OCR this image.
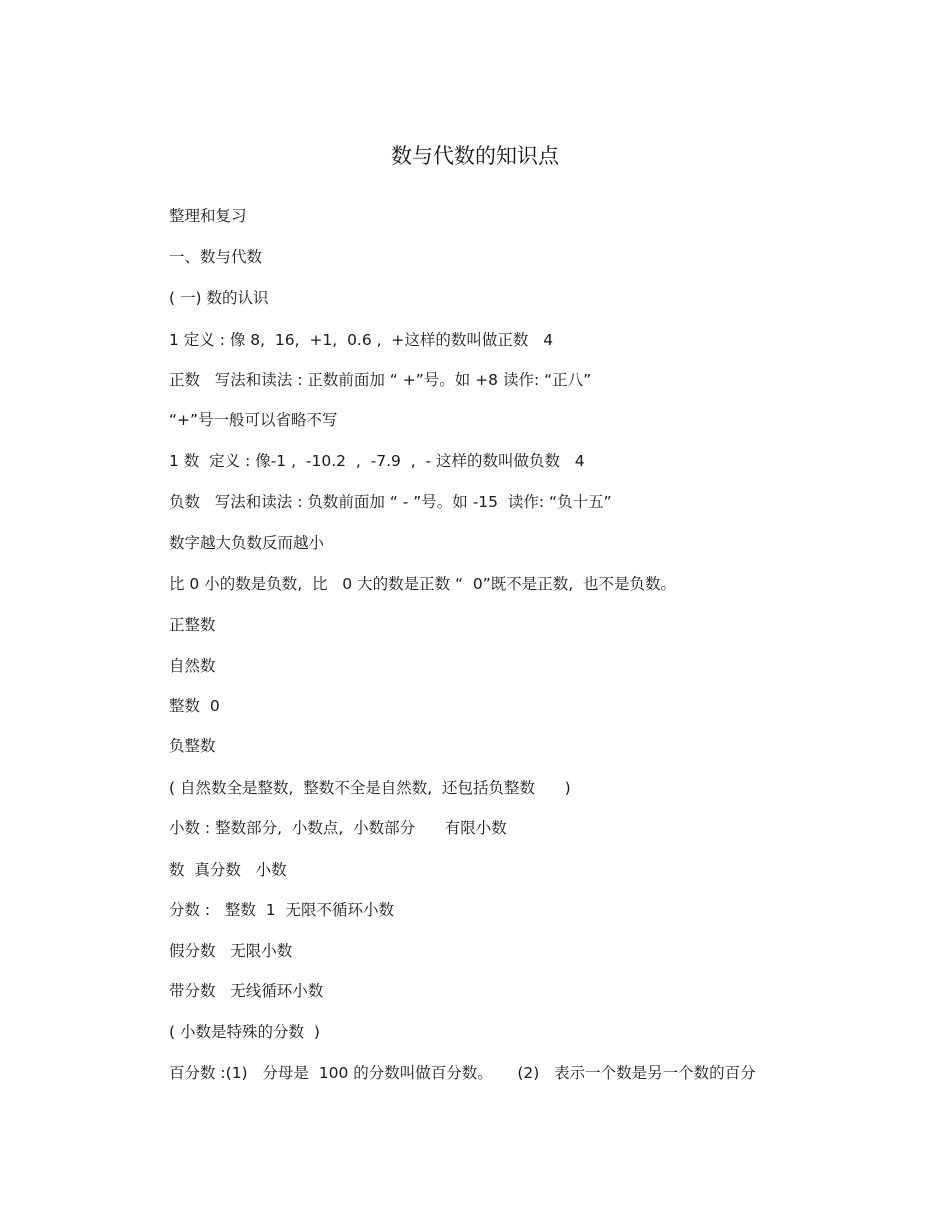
数与代数的知识点

整理和复习

一、数与代数

( 一) 数的认识

1 定义 : 像 8,  16,  +1,  0.6 ,  +这样的数叫做正数   4

正数   写法和读法 : 正数前面加 “ +”号。如 +8 读作: “正八”

“+”号一般可以省略不写

1 数  定义 : 像-1 ,  -10.2  ,  -7.9  ,  - 这样的数叫做负数   4

负数   写法和读法 : 负数前面加 “ - ”号。如 -15  读作: “负十五”

数字越大负数反而越小

比 0 小的数是负数,  比   0 大的数是正数 “  0”既不是正数,  也不是负数。

正整数

自然数

整数  0

负整数

( 自然数全是整数,  整数不全是自然数,  还包括负整数      )

小数 : 整数部分,  小数点,  小数部分      有限小数

数  真分数   小数

分数 :   整数  1  无限不循环小数

假分数   无限小数

带分数   无线循环小数

( 小数是特殊的分数  )

百分数 :(1)   分母是  100 的分数叫做百分数。     (2)   表示一个数是另一个数的百分
